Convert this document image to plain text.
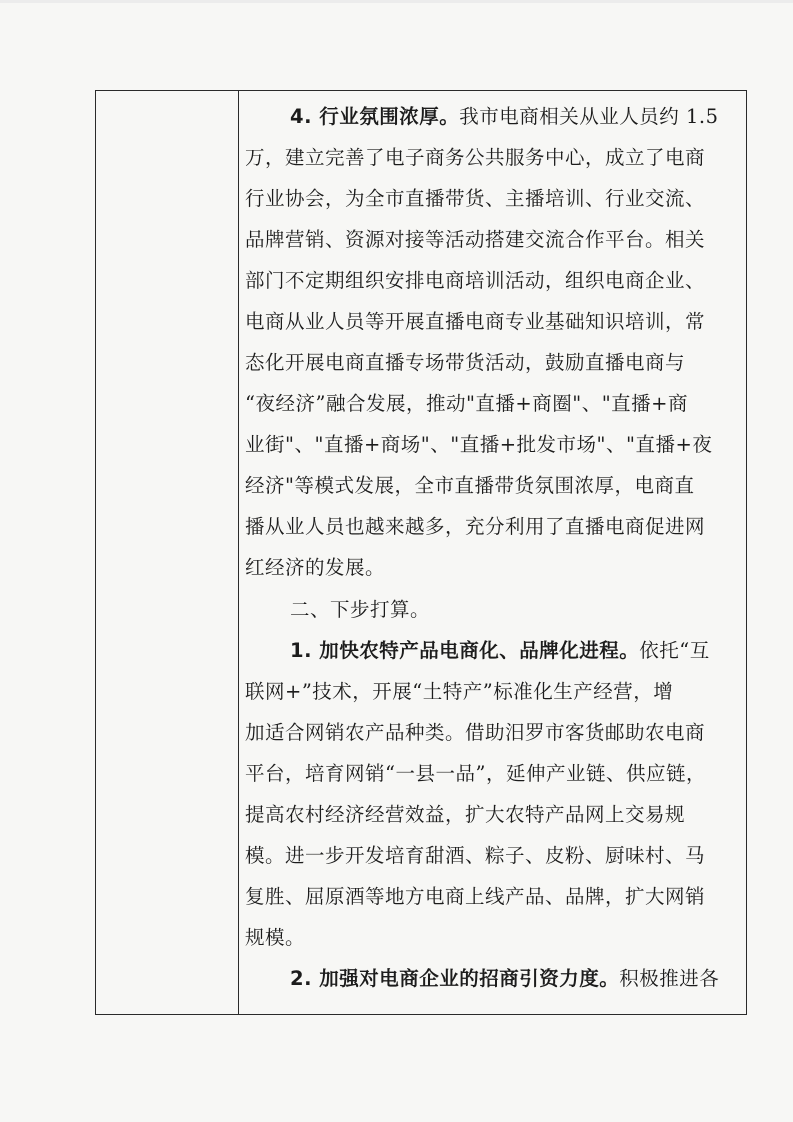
4. 行业氛围浓厚。我市电商相关从业人员约 1.5
万，建立完善了电子商务公共服务中心，成立了电商
行业协会，为全市直播带货、主播培训、行业交流、
品牌营销、资源对接等活动搭建交流合作平台。相关
部门不定期组织安排电商培训活动，组织电商企业、
电商从业人员等开展直播电商专业基础知识培训，常
态化开展电商直播专场带货活动，鼓励直播电商与
“夜经济”融合发展，推动"直播+商圈"、"直播+商
业街"、"直播+商场"、"直播+批发市场"、"直播+夜
经济"等模式发展，全市直播带货氛围浓厚，电商直
播从业人员也越来越多，充分利用了直播电商促进网
红经济的发展。
二、下步打算。
1. 加快农特产品电商化、品牌化进程。依托“互
联网+”技术，开展“土特产”标准化生产经营，增
加适合网销农产品种类。借助汨罗市客货邮助农电商
平台，培育网销“一县一品”，延伸产业链、供应链，
提高农村经济经营效益，扩大农特产品网上交易规
模。进一步开发培育甜酒、粽子、皮粉、厨味村、马
复胜、屈原酒等地方电商上线产品、品牌，扩大网销
规模。
2. 加强对电商企业的招商引资力度。积极推进各
